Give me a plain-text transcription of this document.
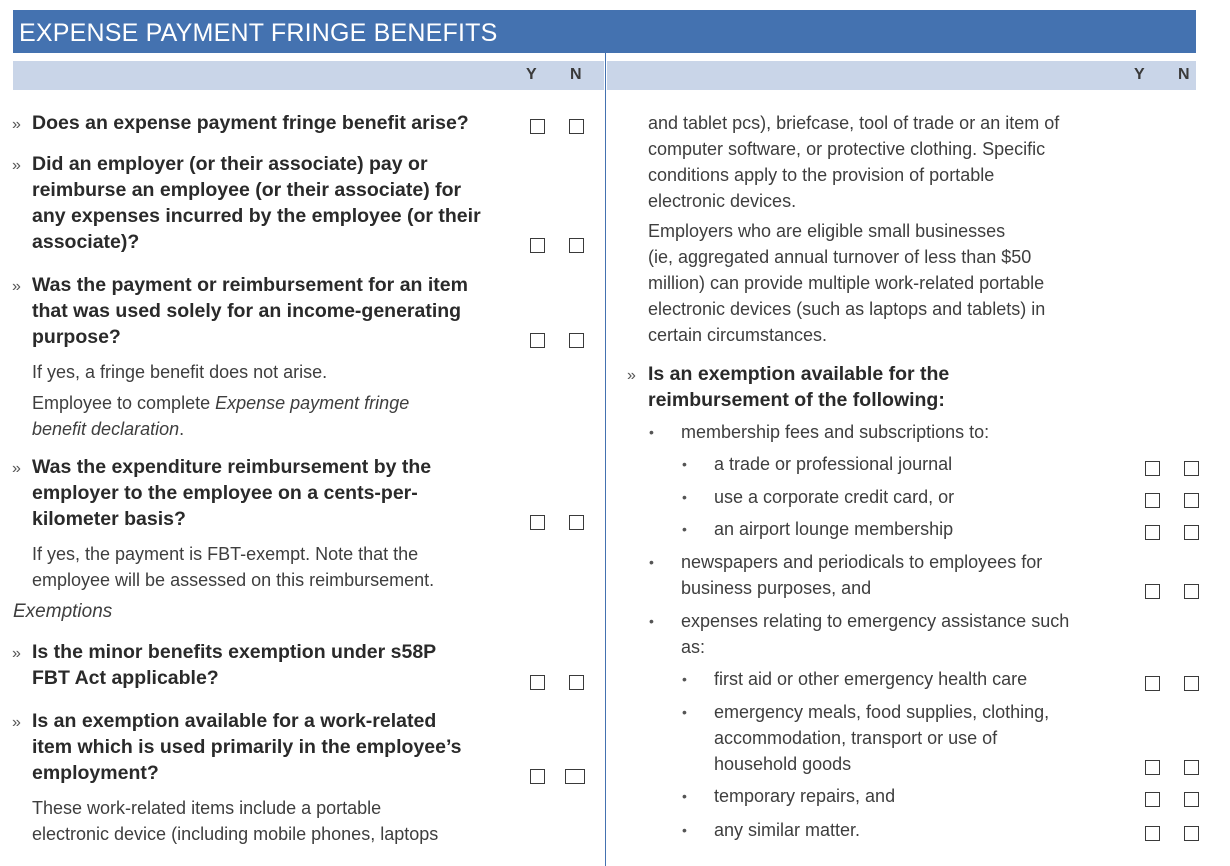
EXPENSE PAYMENT FRINGE BENEFITS
Y N	Y N
» Does an expense payment fringe benefit arise?
» Did an employer (or their associate) pay or
reimburse an employee (or their associate) for
any expenses incurred by the employee (or their
associate)?
» Was the payment or reimbursement for an item
that was used solely for an income-generating
purpose?
If yes, a fringe benefit does not arise.
Employee to complete Expense payment fringe
benefit declaration.
» Was the expenditure reimbursement by the
employer to the employee on a cents-per-
kilometer basis?
If yes, the payment is FBT-exempt. Note that the
employee will be assessed on this reimbursement.
Exemptions
» Is the minor benefits exemption under s58P
FBT Act applicable?
» Is an exemption available for a work-related
item which is used primarily in the employee’s
employment?
These work-related items include a portable
electronic device (including mobile phones, laptops
and tablet pcs), briefcase, tool of trade or an item of
computer software, or protective clothing. Specific
conditions apply to the provision of portable
electronic devices.
Employers who are eligible small businesses
(ie, aggregated annual turnover of less than $50
million) can provide multiple work-related portable
electronic devices (such as laptops and tablets) in
certain circumstances.
» Is an exemption available for the
reimbursement of the following:
• membership fees and subscriptions to:
• a trade or professional journal
• use a corporate credit card, or
• an airport lounge membership
• newspapers and periodicals to employees for
business purposes, and
• expenses relating to emergency assistance such
as:
• first aid or other emergency health care
• emergency meals, food supplies, clothing,
accommodation, transport or use of
household goods
• temporary repairs, and
• any similar matter.
